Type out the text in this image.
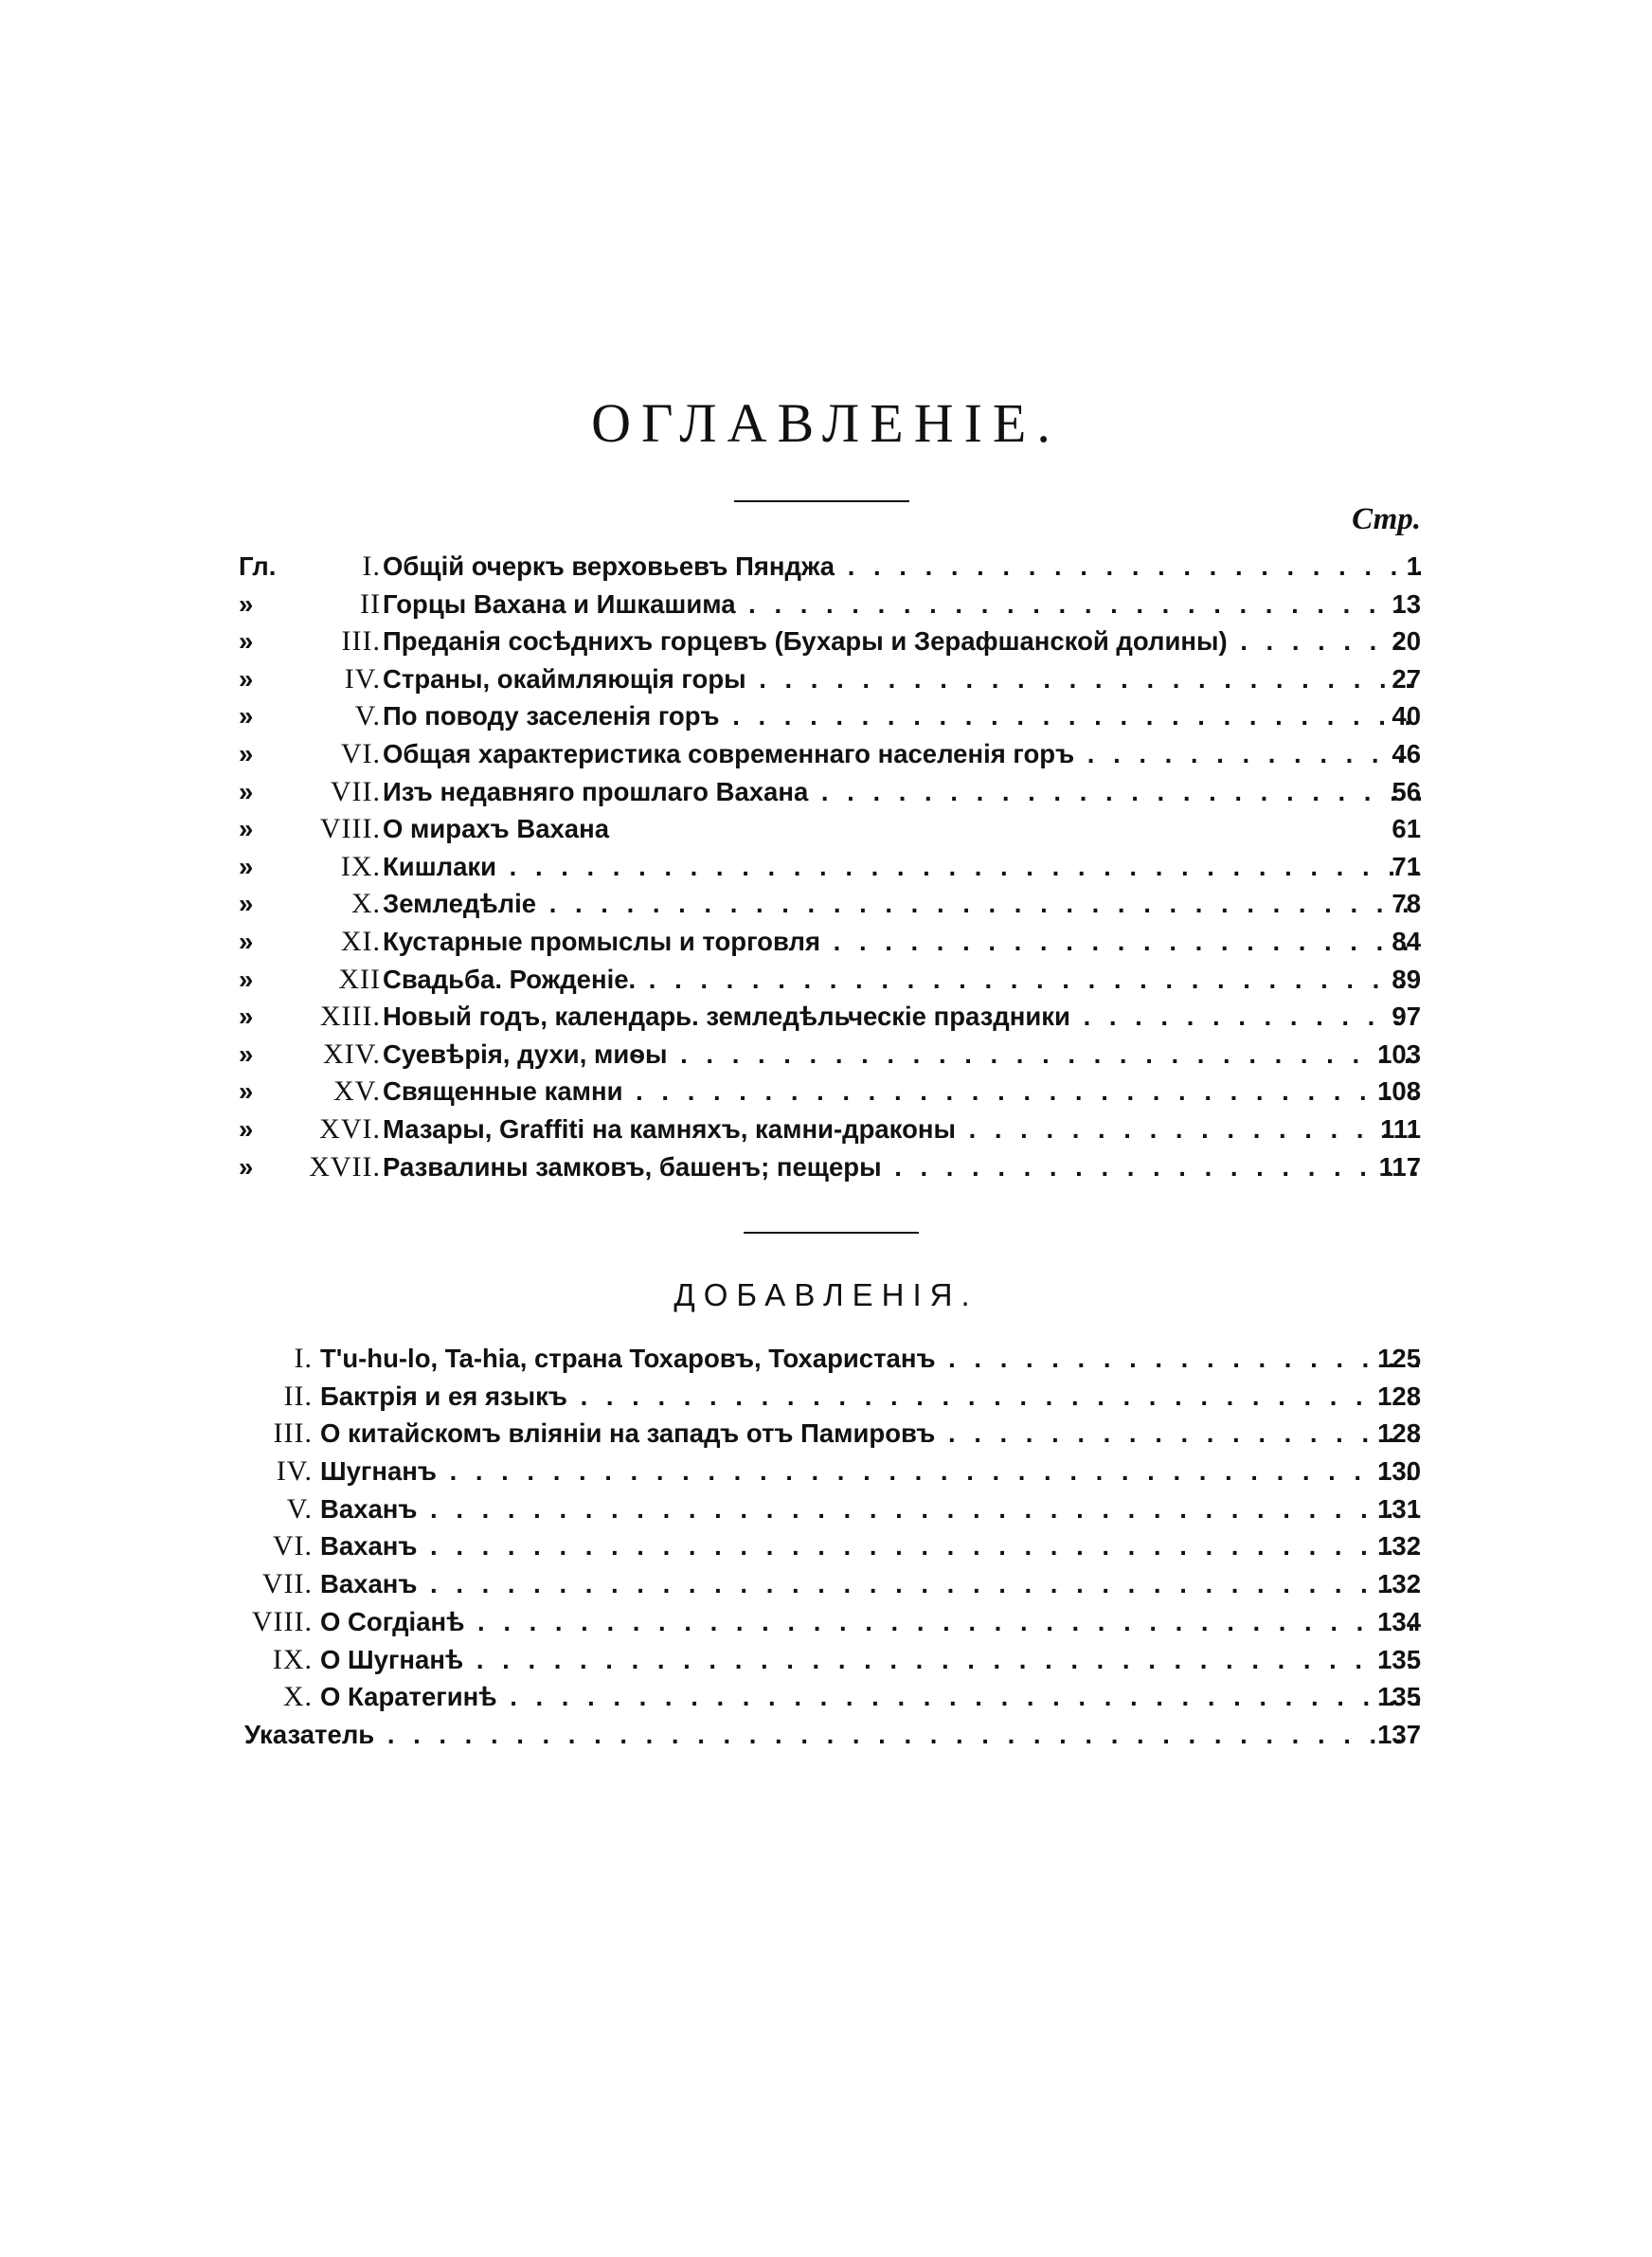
ОГЛАВЛЕНІЕ.
Стр.
Гл.	I. Общій очеркъ верховьевъ Пянджа . . .	1
»	II Горцы Вахана и Ишкашима . . .	13
»	III. Преданія сосѣднихъ горцевъ (Бухары и Зерафшанской долины) . . .	20
»	IV. Страны, окаймляющія горы . . .	27
»	V. По поводу заселенія горъ . . .	40
»	VI. Общая характеристика современнаго населенія горъ . . .	46
»	VII. Изъ недавняго прошлаго Вахана . . .	56
»	VIII. О мирахъ Вахана	61
»	IX. Кишлаки . . .	71
»	X. Земледѣліе . . .	78
»	XI. Кустарные промыслы и торговля . . .	84
»	XII Свадьба. Рожденіе. . . .	89
»	XIII. Новый годъ, календарь. земледѣльческіе праздники . . .	97
»	XIV. Суевѣрія, духи, миѳы . . .	103
»	XV. Священные камни . . .	108
»	XVI. Мазары, Graffiti на камняхъ, камни-драконы . . .	111
»	XVII. Развалины замковъ, башенъ; пещеры . . .	117
ДОБАВЛЕНІЯ.
I. T'u-hu-lo, Ta-hia, страна Тохаровъ, Тохаристанъ . . .	125
II. Бактрія и ея языкъ . . .	128
III. О китайскомъ вліяніи на западъ отъ Памировъ . . .	128
IV. Шугнанъ . . .	130
V. Ваханъ . . .	131
VI. Ваханъ . . .	132
VII. Ваханъ . . .	132
VIII. О Согдіанѣ . . .	134
IX. О Шугнанѣ . . .	135
X. О Каратегинѣ . . .	135
Указатель . . .	137
